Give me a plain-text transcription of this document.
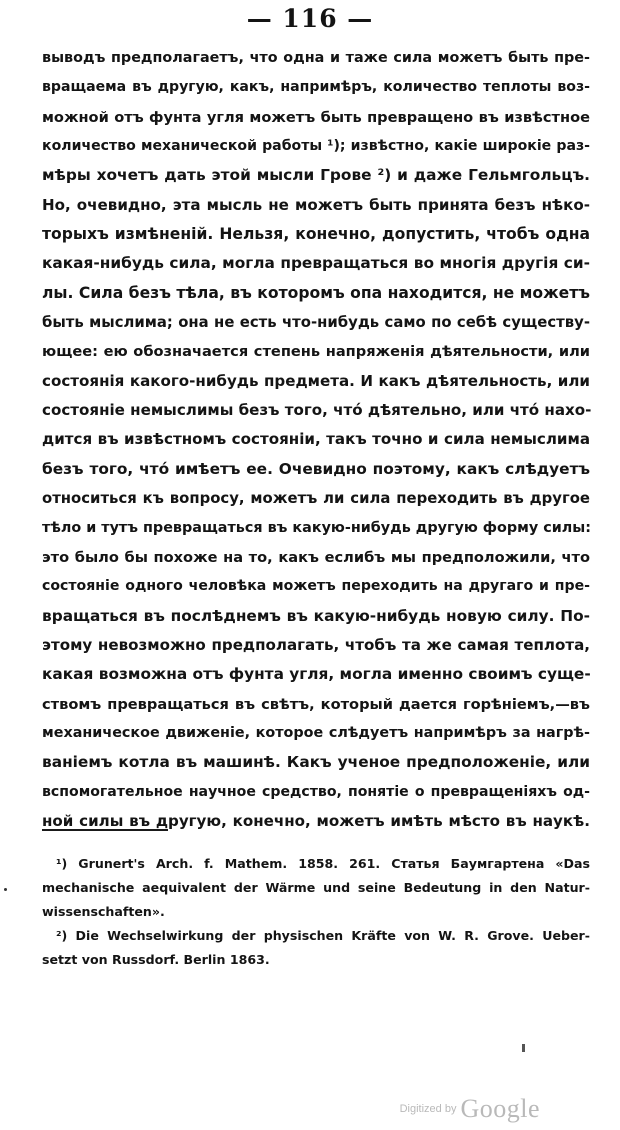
— 116 —
выводъ предполагаетъ, что одна и таже сила можетъ быть пре-
вращаема въ другую, какъ, напримѣръ, количество теплоты воз-
можной отъ фунта угля можетъ быть превращено въ извѣстное
количество механической работы ¹); извѣстно, какiе широкiе раз-
мѣры хочетъ дать этой мысли Грове ²) и даже Гельмгольцъ.
Но, очевидно, эта мысль не можетъ быть принята безъ нѣко-
торыхъ измѣненiй. Нельзя, конечно, допустить, чтобъ одна
какая-нибудь сила, могла превращаться во многiя другiя си-
лы. Сила безъ тѣла, въ которомъ опа находится, не можетъ
быть мыслима; она не есть что-нибудь само по себѣ существу-
ющее: ею обозначается степень напряженiя дѣятельности, или
состоянiя какого-нибудь предмета. И какъ дѣятельность, или
состоянiе немыслимы безъ того, что́ дѣятельно, или что́ нахо-
дится въ извѣстномъ состоянiи, такъ точно и сила немыслима
безъ того, что́ имѣетъ ее. Очевидно поэтому, какъ слѣдуетъ
относиться къ вопросу, можетъ ли сила переходить въ другое
тѣло и тутъ превращаться въ какую-нибудь другую форму силы:
это было бы похоже на то, какъ еслибъ мы предположили, что
состоянiе одного человѣка можетъ переходить на другаго и пре-
вращаться въ послѣднемъ въ какую-нибудь новую силу. По-
этому невозможно предполагать, чтобъ та же самая теплота,
какая возможна отъ фунта угля, могла именно своимъ суще-
ствомъ превращаться въ свѣтъ, который дается горѣнiемъ,—въ
механическое движенiе, которое слѣдуетъ напримѣръ за нагрѣ-
ванiемъ котла въ машинѣ. Какъ ученое предположенiе, или
вспомогательное научное средство, понятiе о превращенiяхъ од-
ной силы въ другую, конечно, можетъ имѣть мѣсто въ наукѣ.
¹) Grunert's Arch. f. Mathem. 1858. 261. Статья Баумгартена «Das
mechanische aequivalent der Wärme und seine Bedeutung in den Natur-
wissenschaften».
²) Die Wechselwirkung der physischen Kräfte von W. R. Grove. Ueber-
setzt von Russdorf. Berlin 1863.
Digitized by Google
